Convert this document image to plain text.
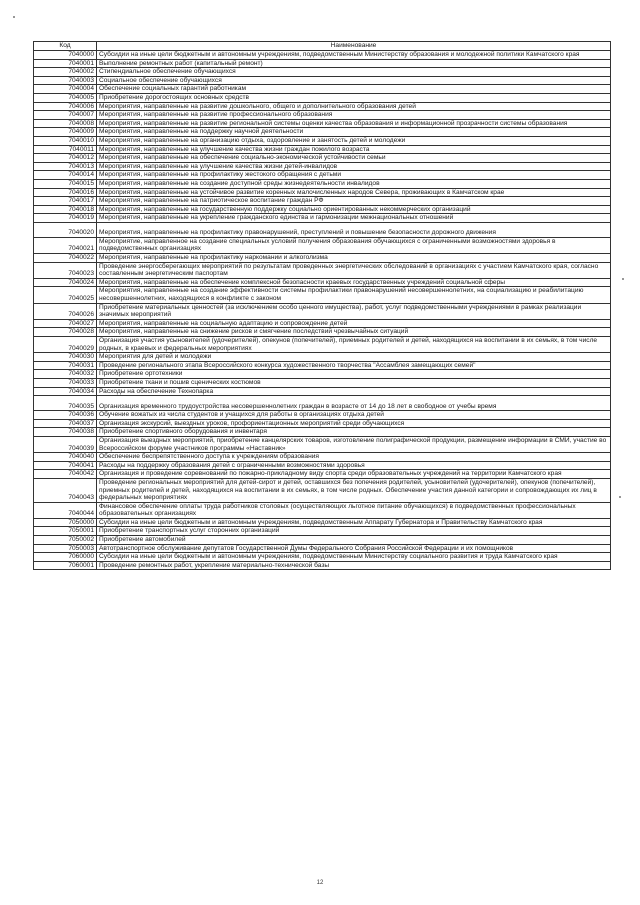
Код	Наименование
7040000	Субсидии на иные цели бюджетным и автономным учреждениям, подведомственным Министерству образования и молодежной политики Камчатского края
7040001	Выполнение ремонтных работ (капитальный ремонт)
7040002	Стипендиальное обеспечение обучающихся
7040003	Социальное обеспечение обучающихся
7040004	Обеспечение социальных гарантий работникам
7040005	Приобретение дорогостоящих основных средств
7040006	Мероприятия, направленные на развитие дошкольного, общего и дополнительного образования детей
7040007	Мероприятия, направленные на развитие профессионального образования
7040008	Мероприятия, направленные на развитие региональной системы оценки качества образования и информационной прозрачности системы образования
7040009	Мероприятия, направленные на поддержку научной деятельности
7040010	Мероприятия, направленные на организацию отдыха, оздоровление и занятость детей и молодежи
7040011	Мероприятия, направленные на улучшение качества жизни граждан пожилого возраста
7040012	Мероприятия, направленные на обеспечение социально-экономической устойчивости семьи
7040013	Мероприятия, направленные на улучшение качества жизни детей-инвалидов
7040014	Мероприятия, направленные на профилактику жестокого обращения с детьми
7040015	Мероприятия, направленные на создание доступной среды жизнедеятельности инвалидов
7040016	Мероприятия, направленные на устойчивое развитие коренных малочисленных народов Севера, проживающих в Камчатском крае
7040017	Мероприятия, направленные на патриотическое воспитание граждан РФ
7040018	Мероприятия, направленные на государственную поддержку социально ориентированных некоммерческих организаций
7040019	Мероприятия, направленные на укрепление гражданского единства и гармонизации межнациональных отношений
7040020	Мероприятия, направленные на профилактику правонарушений, преступлений и повышение безопасности дорожного движения
7040021	Мероприятие, направленное на создание специальных условий получения образования обучающихся с ограниченными возможностями здоровья в подведомственных организациях
7040022	Мероприятия, направленные на профилактику наркомании и алкоголизма
7040023	Проведение энергосберегающих мероприятий по результатам проведенных энергетических обследований в организациях с участием Камчатского края, согласно составленным энергетическим паспортам
7040024	Мероприятия, направленные на обеспечение комплексной безопасности краевых государственных учреждений социальной сферы
7040025	Мероприятия, направленные на создание эффективности системы профилактики правонарушений несовершеннолетних, на социализацию и реабилитацию несовершеннолетних, находящихся в конфликте с законом
7040026	Приобретение материальных ценностей (за исключением особо ценного имущества), работ, услуг подведомственными учреждениями в рамках реализации значимых мероприятий
7040027	Мероприятия, направленные на социальную адаптацию и сопровождение детей
7040028	Мероприятия, направленные на снижение рисков и смягчение последствий чрезвычайных ситуаций
7040029	Организация участия усыновителей (удочерителей), опекунов (попечителей), приемных родителей и детей, находящихся на воспитании в их семьях, в том числе родных, в краевых и федеральных мероприятиях
7040030	Мероприятия для детей и молодежи
7040031	Проведение регионального этапа Всероссийского конкурса художественного творчества "Ассамблея замещающих семей"
7040032	Приобретение ортотехники
7040033	Приобретение ткани и пошив сценических костюмов
7040034	Расходы на обеспечение Технопарка
7040035	Организация временного трудоустройства несовершеннолетних граждан в возрасте от 14 до 18 лет в свободное от учебы время
7040036	Обучение вожатых из числа студентов и учащихся для работы в организациях отдыха детей
7040037	Организация экскурсий, выездных уроков, профориентационных мероприятий среди обучающихся
7040038	Приобретение спортивного оборудования и инвентаря
7040039	Организация выездных мероприятий, приобретение канцелярских товаров, изготовление полиграфической продукции, размещение информации в СМИ, участие во Всероссийском форуме участников программы «Наставник»
7040040	Обеспечение беспрепятственного доступа к учреждениям образования
7040041	Расходы на поддержку образования детей с ограниченными возможностями здоровья
7040042	Организация и проведение соревнований по пожарно-прикладному виду спорта среди образовательных учреждений на территории Камчатского края
7040043	Проведение региональных мероприятий для детей-сирот и детей, оставшихся без попечения родителей, усыновителей (удочерителей), опекунов (попечителей), приемных родителей и детей, находящихся на воспитании в их семьях, в том числе родных. Обеспечение участия данной категории и сопровождающих их лиц в федеральных мероприятиях
7040044	Финансовое обеспечение оплаты труда работников столовых (осуществляющих льготное питание обучающихся) в подведомственных профессиональных образовательных организациях
7050000	Субсидии на иные цели бюджетным и автономным учреждениям, подведомственным Аппарату Губернатора и Правительству Камчатского края
7050001	Приобретение транспортных услуг сторонних организаций
7050002	Приобретение автомобилей
7050003	Автотранспортное обслуживание депутатов Государственной Думы Федерального Собрания Российской Федерации и их помощников
7060000	Субсидии на иные цели бюджетным и автономным учреждениям, подведомственным Министерству социального развития и труда Камчатского края
7060001	Проведение ремонтных работ, укрепление материально-технической базы
12
